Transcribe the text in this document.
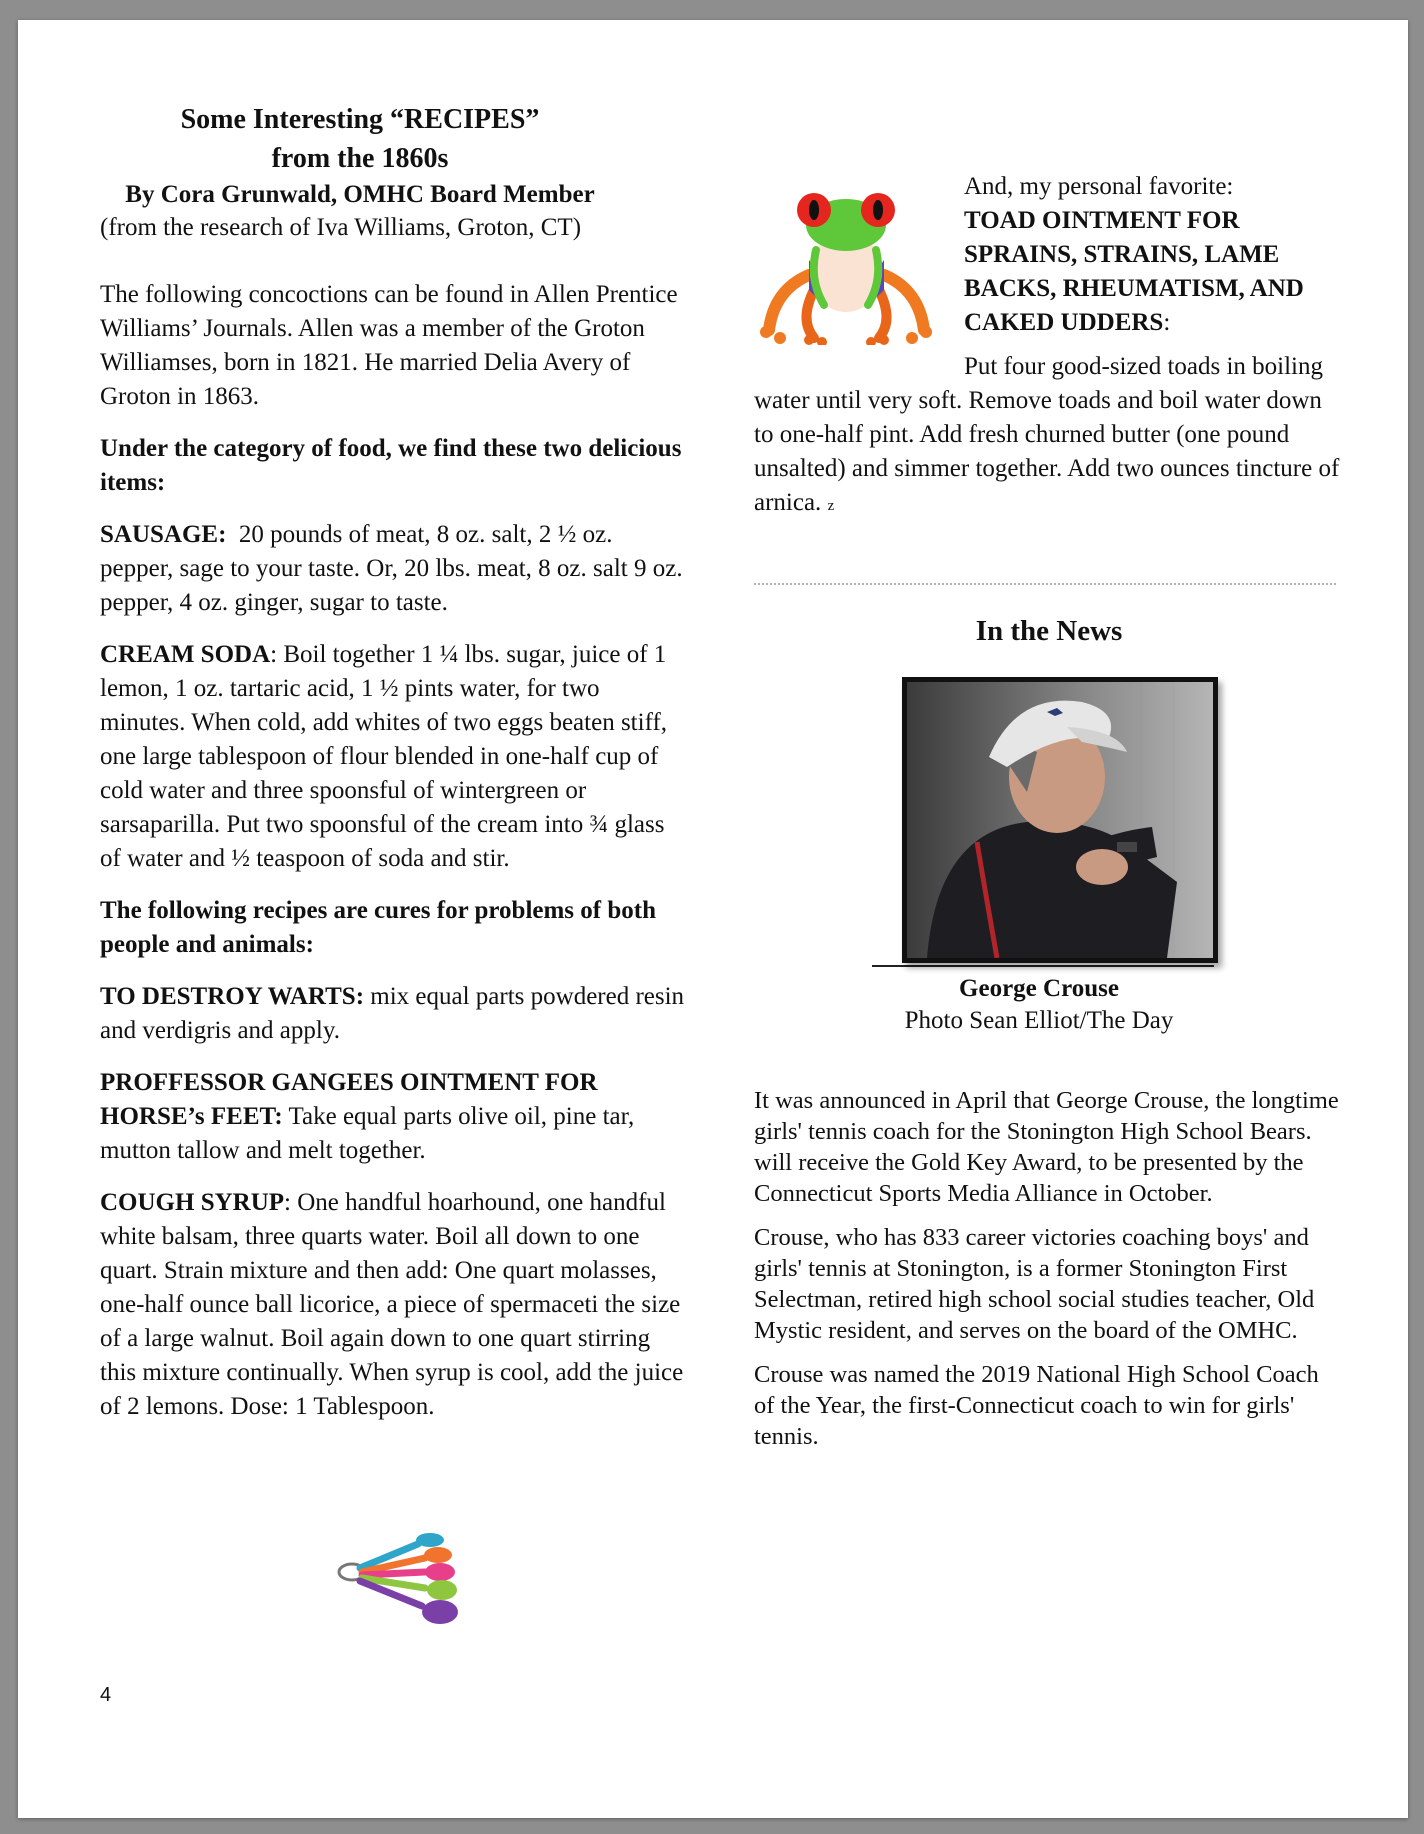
Some Interesting “RECIPES”

from the 1860s

By Cora Grunwald, OMHC Board Member

(from the research of Iva Williams, Groton, CT)

The following concoctions can be found in Allen Prentice Williams’ Journals. Allen was a member of the Groton Williamses, born in 1821. He married Delia Avery of Groton in 1863.

Under the category of food, we find these two delicious items:

SAUSAGE: 20 pounds of meat, 8 oz. salt, 2 ½ oz. pepper, sage to your taste. Or, 20 lbs. meat, 8 oz. salt 9 oz. pepper, 4 oz. ginger, sugar to taste.

CREAM SODA: Boil together 1 ¼ lbs. sugar, juice of 1 lemon, 1 oz. tartaric acid, 1 ½ pints water, for two minutes. When cold, add whites of two eggs beaten stiff, one large tablespoon of flour blended in one-half cup of cold water and three spoonsful of wintergreen or sarsaparilla. Put two spoonsful of the cream into ¾ glass of water and ½ teaspoon of soda and stir.

The following recipes are cures for problems of both people and animals:

TO DESTROY WARTS: mix equal parts powdered resin and verdigris and apply.

PROFFESSOR GANGEES OINTMENT FOR HORSE’s FEET: Take equal parts olive oil, pine tar, mutton tallow and melt together.

COUGH SYRUP: One handful hoarhound, one handful white balsam, three quarts water. Boil all down to one quart. Strain mixture and then add: One quart molasses, one-half ounce ball licorice, a piece of spermaceti the size of a large walnut. Boil again down to one quart stirring this mixture continually. When syrup is cool, add the juice of 2 lemons. Dose: 1 Tablespoon.

4
And, my personal favorite:
TOAD OINTMENT FOR SPRAINS, STRAINS, LAME BACKS, RHEUMATISM, AND CAKED UDDERS:

Put four good-sized toads in boiling water until very soft. Remove toads and boil water down to one-half pint. Add fresh churned butter (one pound unsalted) and simmer together. Add two ounces tincture of arnica. z

In the News

George Crouse

Photo Sean Elliot/The Day

It was announced in April that George Crouse, the longtime girls' tennis coach for the Stonington High School Bears. will receive the Gold Key Award, to be presented by the Connecticut Sports Media Alliance in October.

Crouse, who has 833 career victories coaching boys' and girls' tennis at Stonington, is a former Stonington First Selectman, retired high school social studies teacher, Old Mystic resident, and serves on the board of the OMHC.

Crouse was named the 2019 National High School Coach of the Year, the first-Connecticut coach to win for girls' tennis.
